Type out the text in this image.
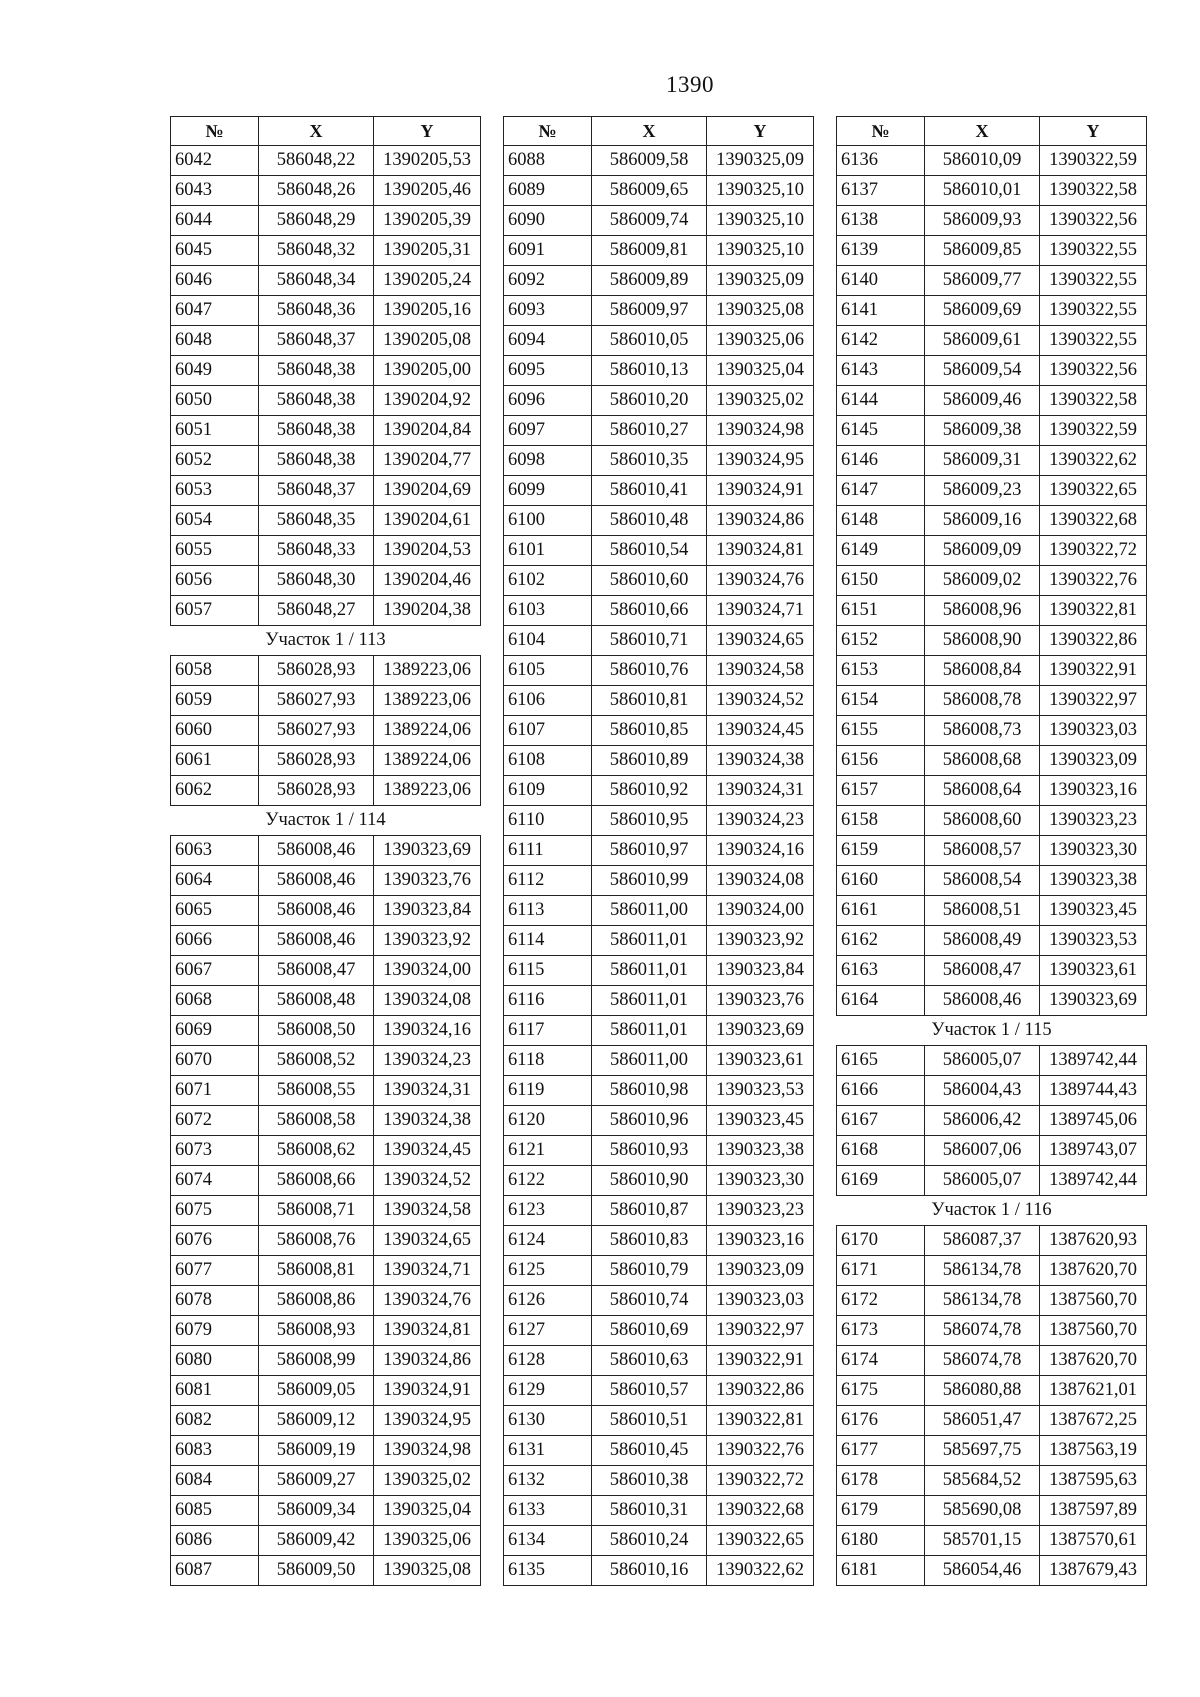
1390
№	X	Y
6042	586048,22	1390205,53
6043	586048,26	1390205,46
6044	586048,29	1390205,39
6045	586048,32	1390205,31
6046	586048,34	1390205,24
6047	586048,36	1390205,16
6048	586048,37	1390205,08
6049	586048,38	1390205,00
6050	586048,38	1390204,92
6051	586048,38	1390204,84
6052	586048,38	1390204,77
6053	586048,37	1390204,69
6054	586048,35	1390204,61
6055	586048,33	1390204,53
6056	586048,30	1390204,46
6057	586048,27	1390204,38
Участок 1 / 113		
6058	586028,93	1389223,06
6059	586027,93	1389223,06
6060	586027,93	1389224,06
6061	586028,93	1389224,06
6062	586028,93	1389223,06
Участок 1 / 114		
6063	586008,46	1390323,69
6064	586008,46	1390323,76
6065	586008,46	1390323,84
6066	586008,46	1390323,92
6067	586008,47	1390324,00
6068	586008,48	1390324,08
6069	586008,50	1390324,16
6070	586008,52	1390324,23
6071	586008,55	1390324,31
6072	586008,58	1390324,38
6073	586008,62	1390324,45
6074	586008,66	1390324,52
6075	586008,71	1390324,58
6076	586008,76	1390324,65
6077	586008,81	1390324,71
6078	586008,86	1390324,76
6079	586008,93	1390324,81
6080	586008,99	1390324,86
6081	586009,05	1390324,91
6082	586009,12	1390324,95
6083	586009,19	1390324,98
6084	586009,27	1390325,02
6085	586009,34	1390325,04
6086	586009,42	1390325,06
6087	586009,50	1390325,08
№	X	Y
6088	586009,58	1390325,09
6089	586009,65	1390325,10
6090	586009,74	1390325,10
6091	586009,81	1390325,10
6092	586009,89	1390325,09
6093	586009,97	1390325,08
6094	586010,05	1390325,06
6095	586010,13	1390325,04
6096	586010,20	1390325,02
6097	586010,27	1390324,98
6098	586010,35	1390324,95
6099	586010,41	1390324,91
6100	586010,48	1390324,86
6101	586010,54	1390324,81
6102	586010,60	1390324,76
6103	586010,66	1390324,71
6104	586010,71	1390324,65
6105	586010,76	1390324,58
6106	586010,81	1390324,52
6107	586010,85	1390324,45
6108	586010,89	1390324,38
6109	586010,92	1390324,31
6110	586010,95	1390324,23
6111	586010,97	1390324,16
6112	586010,99	1390324,08
6113	586011,00	1390324,00
6114	586011,01	1390323,92
6115	586011,01	1390323,84
6116	586011,01	1390323,76
6117	586011,01	1390323,69
6118	586011,00	1390323,61
6119	586010,98	1390323,53
6120	586010,96	1390323,45
6121	586010,93	1390323,38
6122	586010,90	1390323,30
6123	586010,87	1390323,23
6124	586010,83	1390323,16
6125	586010,79	1390323,09
6126	586010,74	1390323,03
6127	586010,69	1390322,97
6128	586010,63	1390322,91
6129	586010,57	1390322,86
6130	586010,51	1390322,81
6131	586010,45	1390322,76
6132	586010,38	1390322,72
6133	586010,31	1390322,68
6134	586010,24	1390322,65
6135	586010,16	1390322,62
№	X	Y
6136	586010,09	1390322,59
6137	586010,01	1390322,58
6138	586009,93	1390322,56
6139	586009,85	1390322,55
6140	586009,77	1390322,55
6141	586009,69	1390322,55
6142	586009,61	1390322,55
6143	586009,54	1390322,56
6144	586009,46	1390322,58
6145	586009,38	1390322,59
6146	586009,31	1390322,62
6147	586009,23	1390322,65
6148	586009,16	1390322,68
6149	586009,09	1390322,72
6150	586009,02	1390322,76
6151	586008,96	1390322,81
6152	586008,90	1390322,86
6153	586008,84	1390322,91
6154	586008,78	1390322,97
6155	586008,73	1390323,03
6156	586008,68	1390323,09
6157	586008,64	1390323,16
6158	586008,60	1390323,23
6159	586008,57	1390323,30
6160	586008,54	1390323,38
6161	586008,51	1390323,45
6162	586008,49	1390323,53
6163	586008,47	1390323,61
6164	586008,46	1390323,69
Участок 1 / 115		
6165	586005,07	1389742,44
6166	586004,43	1389744,43
6167	586006,42	1389745,06
6168	586007,06	1389743,07
6169	586005,07	1389742,44
Участок 1 / 116		
6170	586087,37	1387620,93
6171	586134,78	1387620,70
6172	586134,78	1387560,70
6173	586074,78	1387560,70
6174	586074,78	1387620,70
6175	586080,88	1387621,01
6176	586051,47	1387672,25
6177	585697,75	1387563,19
6178	585684,52	1387595,63
6179	585690,08	1387597,89
6180	585701,15	1387570,61
6181	586054,46	1387679,43
